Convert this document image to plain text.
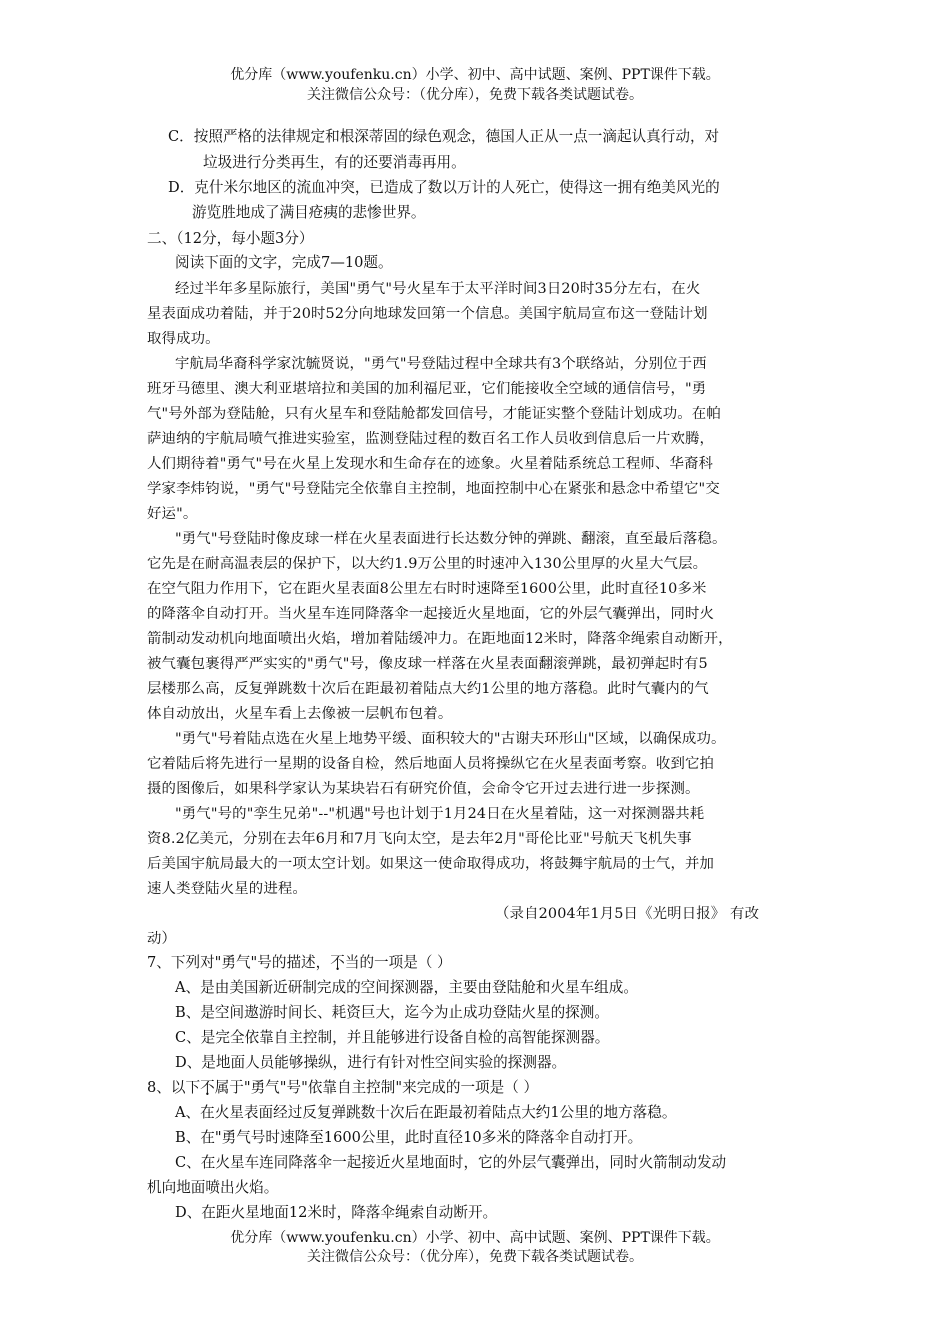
优分库（www.youfenku.cn）小学、初中、高中试题、案例、PPT课件下载。
关注微信公众号：（优分库），免费下载各类试题试卷。
C．按照严格的法律规定和根深蒂固的绿色观念，德国人正从一点一滴起认真行动，对
垃圾进行分类再生，有的还要消毒再用。
D．克什米尔地区的流血冲突，已造成了数以万计的人死亡，使得这一拥有绝美风光的
游览胜地成了满目疮痍的悲惨世界。
二、（12分，每小题3分）
阅读下面的文字，完成7—10题。
经过半年多星际旅行，美国"勇气"号火星车于太平洋时间3日20时35分左右，在火
星表面成功着陆，并于20时52分向地球发回第一个信息。美国宇航局宣布这一登陆计划
取得成功。
宇航局华裔科学家沈毓贤说，"勇气"号登陆过程中全球共有3个联络站，分别位于西
班牙马德里、澳大利亚堪培拉和美国的加利福尼亚，它们能接收全空域的通信信号，"勇
气"号外部为登陆舱，只有火星车和登陆舱都发回信号，才能证实整个登陆计划成功。在帕
萨迪纳的宇航局喷气推进实验室，监测登陆过程的数百名工作人员收到信息后一片欢腾，
人们期待着"勇气"号在火星上发现水和生命存在的迹象。火星着陆系统总工程师、华裔科
学家李炜钧说，"勇气"号登陆完全依靠自主控制，地面控制中心在紧张和悬念中希望它"交
好运"。
"勇气"号登陆时像皮球一样在火星表面进行长达数分钟的弹跳、翻滚，直至最后落稳。
它先是在耐高温表层的保护下，以大约1.9万公里的时速冲入130公里厚的火星大气层。
在空气阻力作用下，它在距火星表面8公里左右时时速降至1600公里，此时直径10多米
的降落伞自动打开。当火星车连同降落伞一起接近火星地面，它的外层气囊弹出，同时火
箭制动发动机向地面喷出火焰，增加着陆缓冲力。在距地面12米时，降落伞绳索自动断开，
被气囊包裹得严严实实的"勇气"号，像皮球一样落在火星表面翻滚弹跳，最初弹起时有5
层楼那么高，反复弹跳数十次后在距最初着陆点大约1公里的地方落稳。此时气囊内的气
体自动放出，火星车看上去像被一层帆布包着。
"勇气"号着陆点选在火星上地势平缓、面积较大的"古谢夫环形山"区域，以确保成功。
它着陆后将先进行一星期的设备自检，然后地面人员将操纵它在火星表面考察。收到它拍
摄的图像后，如果科学家认为某块岩石有研究价值，会命令它开过去进行进一步探测。
"勇气"号的"孪生兄弟"--"机遇"号也计划于1月24日在火星着陆，这一对探测器共耗
资8.2亿美元，分别在去年6月和7月飞向太空，是去年2月"哥伦比亚"号航天飞机失事
后美国宇航局最大的一项太空计划。如果这一使命取得成功，将鼓舞宇航局的士气，并加
速人类登陆火星的进程。
（录自2004年1月5日《光明日报》 有改
动）
7、下列对"勇气"号的描述，不当的一项是（ ）
A、是由美国新近研制完成的空间探测器，主要由登陆舱和火星车组成。
B、是空间遨游时间长、耗资巨大，迄今为止成功登陆火星的探测。
C、是完全依靠自主控制，并且能够进行设备自检的高智能探测器。
D、是地面人员能够操纵，进行有针对性空间实验的探测器。
8、以下不属于"勇气"号"依靠自主控制"来完成的一项是（ ）
A、在火星表面经过反复弹跳数十次后在距最初着陆点大约1公里的地方落稳。
B、在"勇气号时速降至1600公里，此时直径10多米的降落伞自动打开。
C、在火星车连同降落伞一起接近火星地面时，它的外层气囊弹出，同时火箭制动发动
机向地面喷出火焰。
D、在距火星地面12米时，降落伞绳索自动断开。
优分库（www.youfenku.cn）小学、初中、高中试题、案例、PPT课件下载。
关注微信公众号：（优分库），免费下载各类试题试卷。
